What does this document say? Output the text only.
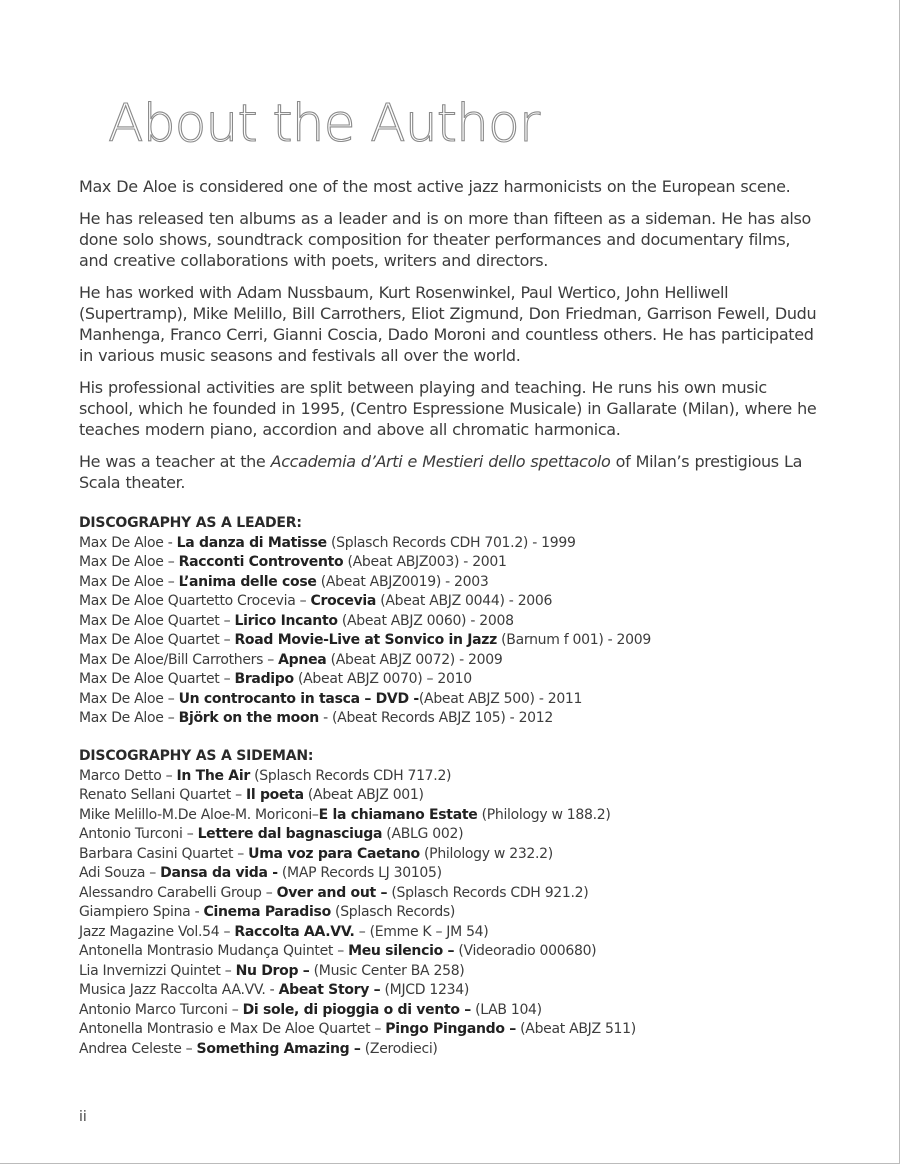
About the Author

Max De Aloe is considered one of the most active jazz harmonicists on the European scene.

He has released ten albums as a leader and is on more than fifteen as a sideman. He has also done solo shows, soundtrack composition for theater performances and documentary films, and creative collaborations with poets, writers and directors.

He has worked with Adam Nussbaum, Kurt Rosenwinkel, Paul Wertico, John Helliwell (Supertramp), Mike Melillo, Bill Carrothers, Eliot Zigmund, Don Friedman, Garrison Fewell, Dudu Manhenga, Franco Cerri, Gianni Coscia, Dado Moroni and countless others. He has participated in various music seasons and festivals all over the world.

His professional activities are split between playing and teaching. He runs his own music school, which he founded in 1995, (Centro Espressione Musicale) in Gallarate (Milan), where he teaches modern piano, accordion and above all chromatic harmonica.

He was a teacher at the Accademia d’Arti e Mestieri dello spettacolo of Milan’s prestigious La Scala theater.

DISCOGRAPHY AS A LEADER:
Max De Aloe - La danza di Matisse (Splasch Records CDH 701.2) - 1999
Max De Aloe – Racconti Controvento (Abeat ABJZ003) - 2001
Max De Aloe – L’anima delle cose (Abeat ABJZ0019) - 2003
Max De Aloe Quartetto Crocevia – Crocevia (Abeat ABJZ 0044) - 2006
Max De Aloe Quartet – Lirico Incanto (Abeat ABJZ 0060) - 2008
Max De Aloe Quartet – Road Movie-Live at Sonvico in Jazz (Barnum f 001) - 2009
Max De Aloe/Bill Carrothers – Apnea (Abeat ABJZ 0072) - 2009
Max De Aloe Quartet – Bradipo (Abeat ABJZ 0070) – 2010
Max De Aloe – Un controcanto in tasca – DVD -(Abeat ABJZ 500) - 2011
Max De Aloe – Björk on the moon - (Abeat Records ABJZ 105) - 2012
DISCOGRAPHY AS A SIDEMAN:
Marco Detto – In The Air (Splasch Records CDH 717.2)
Renato Sellani Quartet – Il poeta (Abeat ABJZ 001)
Mike Melillo-M.De Aloe-M. Moriconi–E la chiamano Estate (Philology w 188.2)
Antonio Turconi – Lettere dal bagnasciuga (ABLG 002)
Barbara Casini Quartet – Uma voz para Caetano (Philology w 232.2)
Adi Souza – Dansa da vida - (MAP Records LJ 30105)
Alessandro Carabelli Group – Over and out – (Splasch Records CDH 921.2)
Giampiero Spina - Cinema Paradiso (Splasch Records)
Jazz Magazine Vol.54 – Raccolta AA.VV. – (Emme K – JM 54)
Antonella Montrasio Mudança Quintet – Meu silencio – (Videoradio 000680)
Lia Invernizzi Quintet – Nu Drop – (Music Center BA 258)
Musica Jazz Raccolta AA.VV. - Abeat Story – (MJCD 1234)
Antonio Marco Turconi – Di sole, di pioggia o di vento – (LAB 104)
Antonella Montrasio e Max De Aloe Quartet – Pingo Pingando – (Abeat ABJZ 511)
Andrea Celeste – Something Amazing – (Zerodieci)
ii
